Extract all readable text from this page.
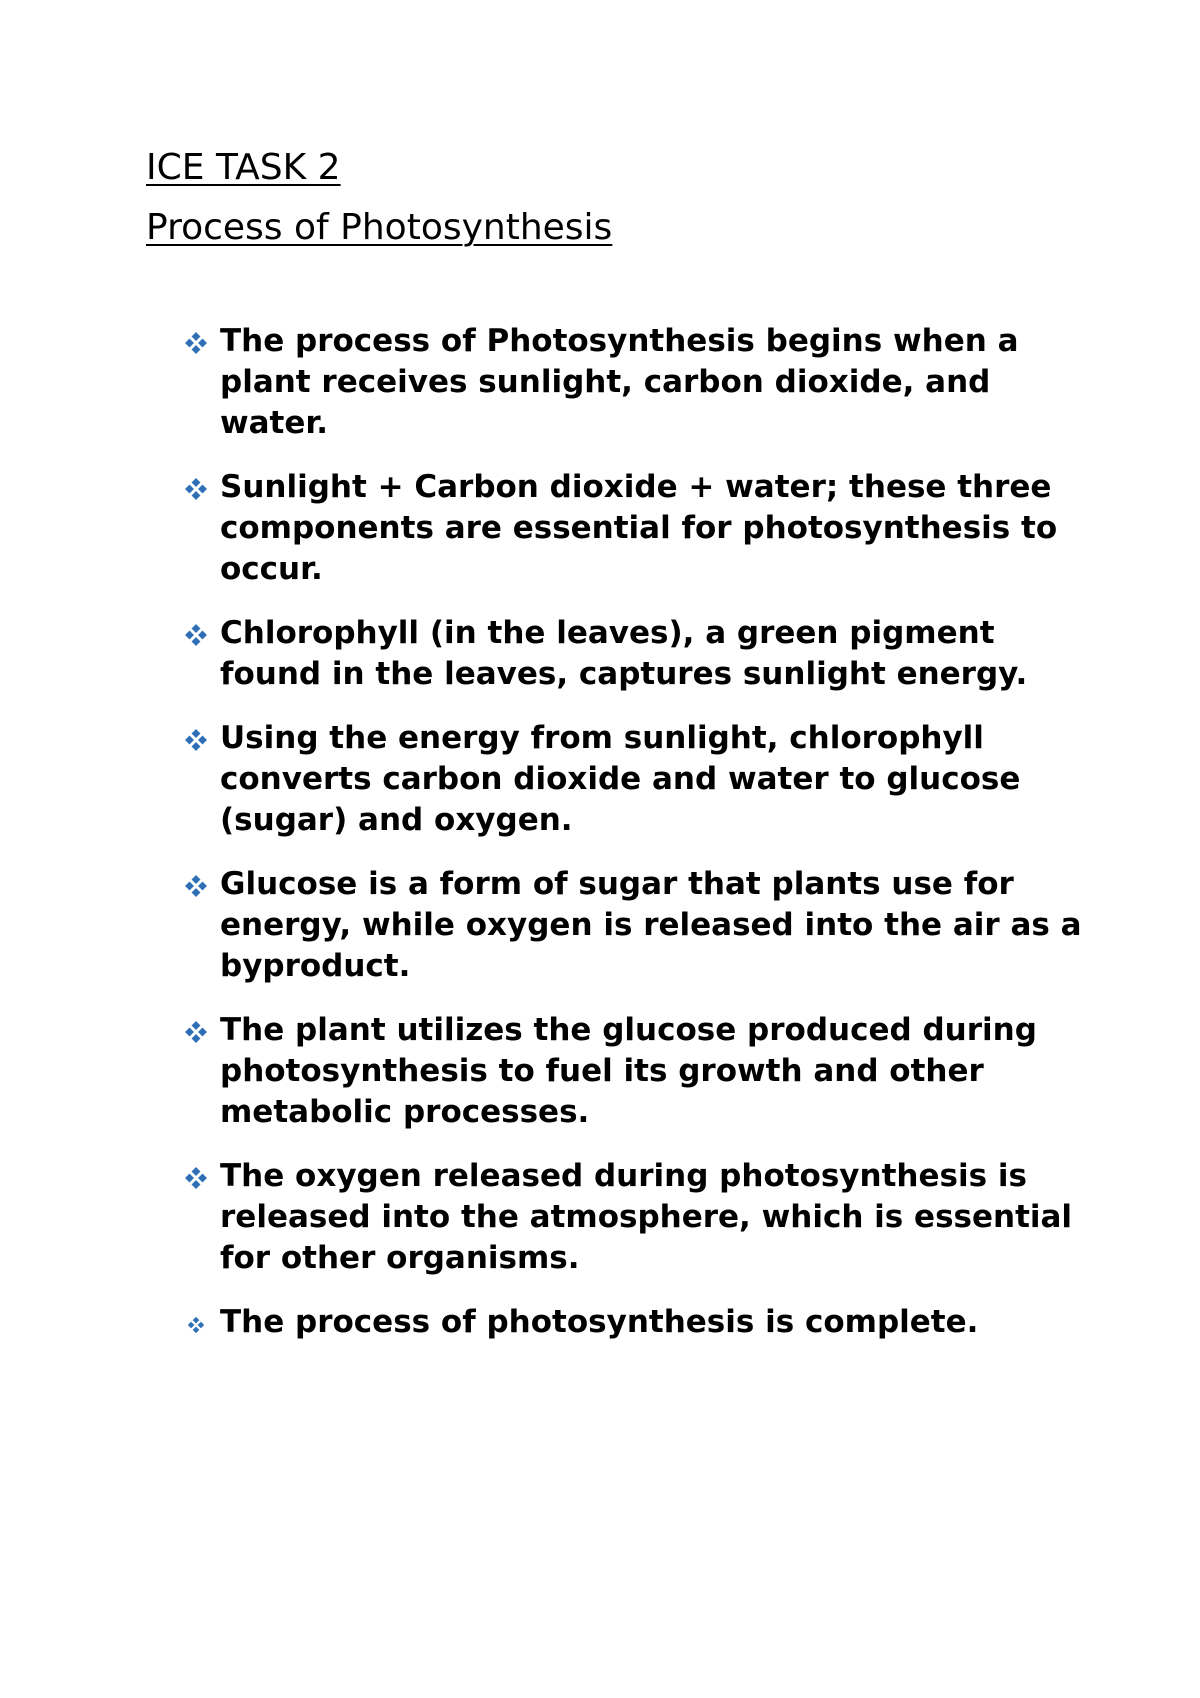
ICE TASK 2
Process of Photosynthesis
The process of Photosynthesis begins when a plant receives sunlight, carbon dioxide, and water.
Sunlight + Carbon dioxide + water; these three components are essential for photosynthesis to occur.
Chlorophyll (in the leaves), a green pigment found in the leaves, captures sunlight energy.
Using the energy from sunlight, chlorophyll converts carbon dioxide and water to glucose (sugar) and oxygen.
Glucose is a form of sugar that plants use for energy, while oxygen is released into the air as a byproduct.
The plant utilizes the glucose produced during photosynthesis to fuel its growth and other metabolic processes.
The oxygen released during photosynthesis is released into the atmosphere, which is essential for other organisms.
The process of photosynthesis is complete.
